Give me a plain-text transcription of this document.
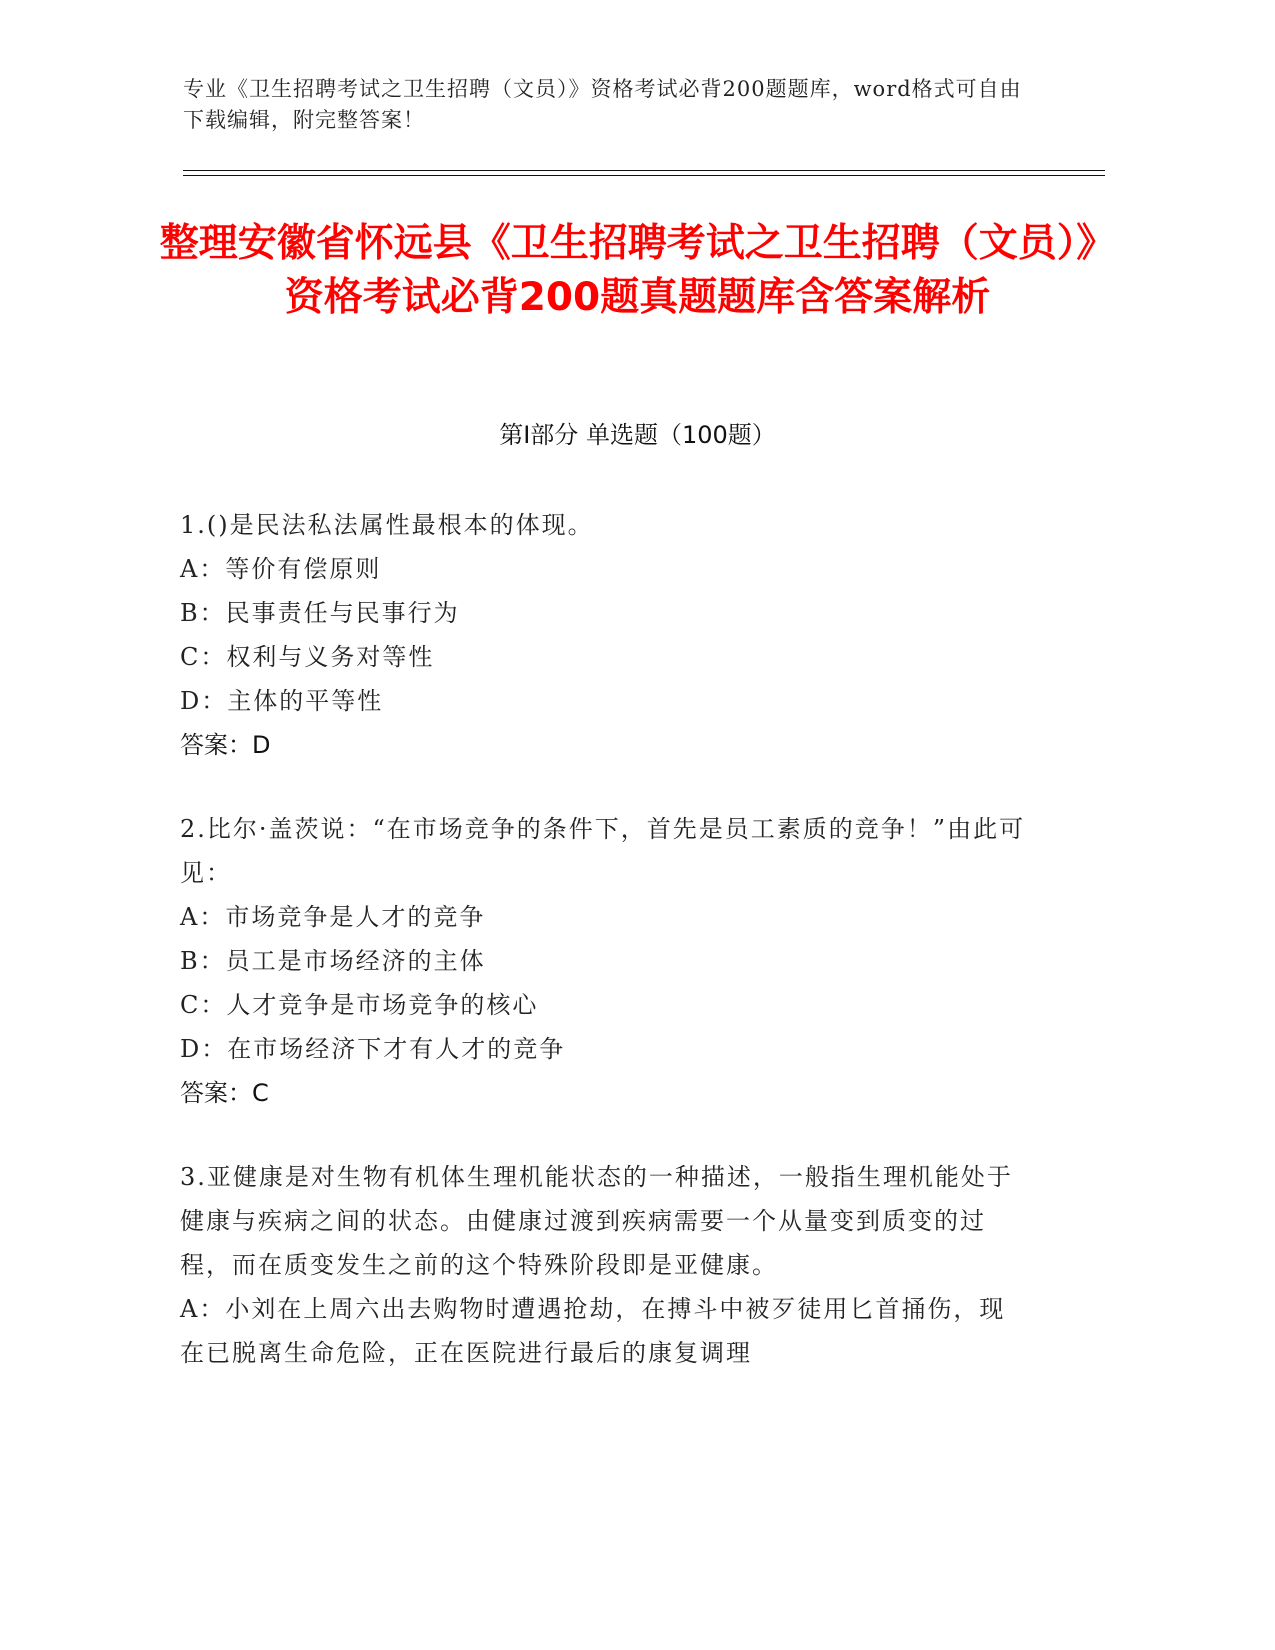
专业《卫生招聘考试之卫生招聘（文员）》资格考试必背200题题库，word格式可自由下载编辑，附完整答案！
整理安徽省怀远县《卫生招聘考试之卫生招聘（文员）》资格考试必背200题真题题库含答案解析
第Ⅰ部分 单选题（100题）

1.()是民法私法属性最根本的体现。

A：等价有偿原则

B：民事责任与民事行为

C：权利与义务对等性

D：主体的平等性

答案：D

2.比尔·盖茨说：“在市场竞争的条件下，首先是员工素质的竞争！”由此可见：

A：市场竞争是人才的竞争

B：员工是市场经济的主体

C：人才竞争是市场竞争的核心

D：在市场经济下才有人才的竞争

答案：C

3.亚健康是对生物有机体生理机能状态的一种描述，一般指生理机能处于健康与疾病之间的状态。由健康过渡到疾病需要一个从量变到质变的过程，而在质变发生之前的这个特殊阶段即是亚健康。

A：小刘在上周六出去购物时遭遇抢劫，在搏斗中被歹徒用匕首捅伤，现在已脱离生命危险，正在医院进行最后的康复调理
